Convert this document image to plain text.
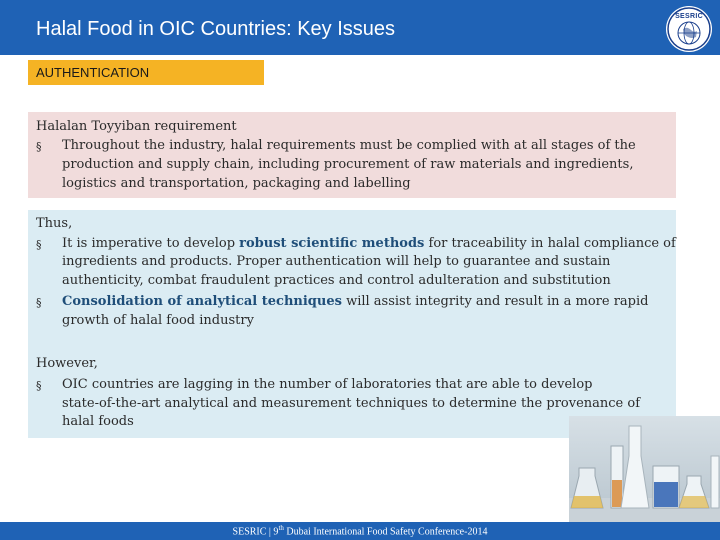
Halal Food in OIC Countries: Key Issues
SESRIC
AUTHENTICATION
Halalan Toyyiban requirement
§ Throughout the industry, halal requirements must be complied with at all stages of the
production and supply chain, including procurement of raw materials and ingredients,
logistics and transportation, packaging and labelling
Thus,
§ It is imperative to develop robust scientific methods for traceability in halal compliance of
ingredients and products. Proper authentication will help to guarantee and sustain
authenticity, combat fraudulent practices and control adulteration and substitution
§ Consolidation of analytical techniques will assist integrity and result in a more rapid
growth of halal food industry
However,
§ OIC countries are lagging in the number of laboratories that are able to develop
state-of-the-art analytical and measurement techniques to determine the provenance of
halal foods
SESRIC | 9th Dubai International Food Safety Conference-2014
